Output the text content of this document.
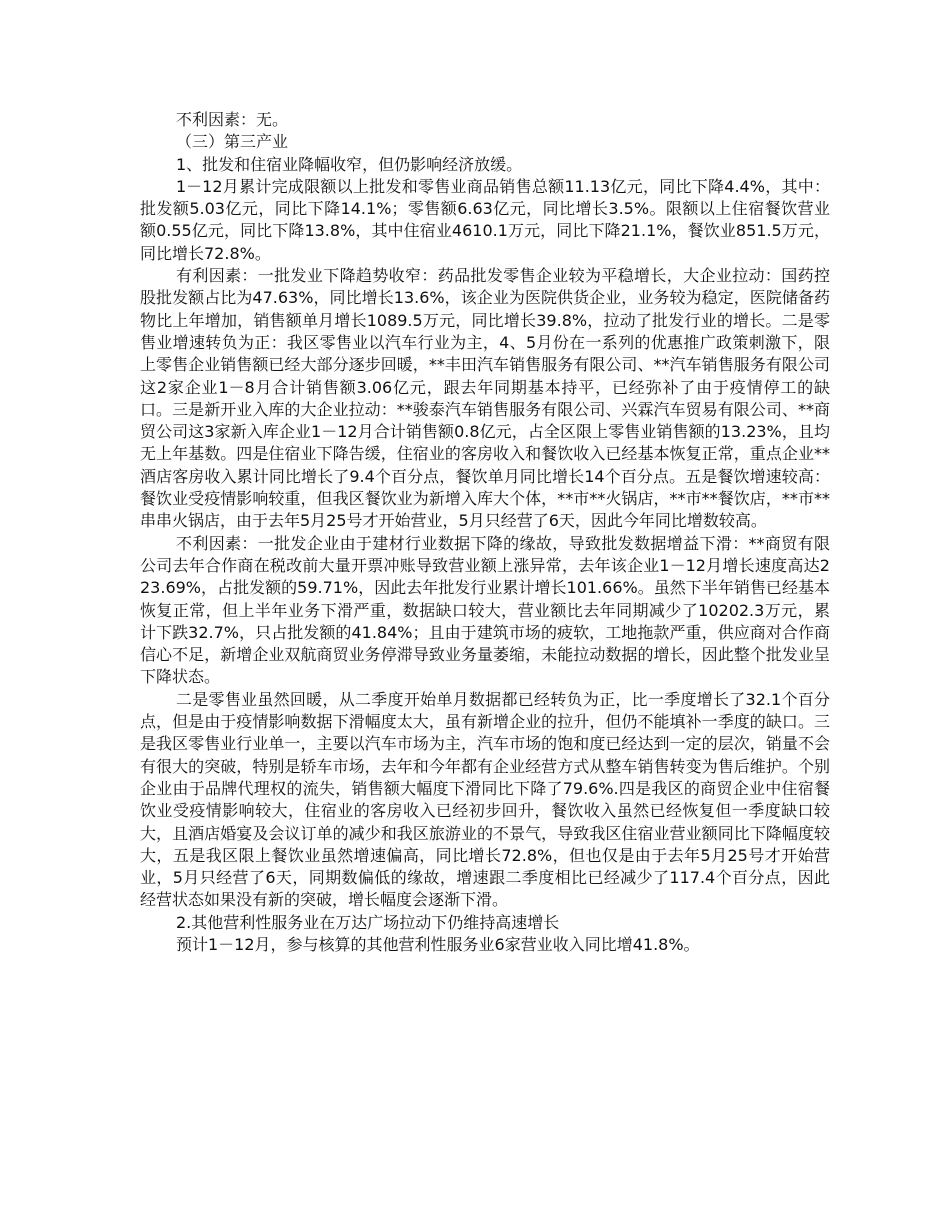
不利因素：无。

（三）第三产业

1、批发和住宿业降幅收窄，但仍影响经济放缓。

1－12月累计完成限额以上批发和零售业商品销售总额11.13亿元，同比下降4.4%，其中：批发额5.03亿元，同比下降14.1%；零售额6.63亿元，同比增长3.5%。限额以上住宿餐饮营业额0.55亿元，同比下降13.8%，其中住宿业4610.1万元，同比下降21.1%，餐饮业851.5万元，同比增长72.8%。

有利因素：一批发业下降趋势收窄：药品批发零售企业较为平稳增长，大企业拉动：国药控股批发额占比为47.63%，同比增长13.6%，该企业为医院供货企业，业务较为稳定，医院储备药物比上年增加，销售额单月增长1089.5万元，同比增长39.8%，拉动了批发行业的增长。二是零售业增速转负为正：我区零售业以汽车行业为主，4、5月份在一系列的优惠推广政策刺激下，限上零售企业销售额已经大部分逐步回暖，**丰田汽车销售服务有限公司、**汽车销售服务有限公司这2家企业1－8月合计销售额3.06亿元，跟去年同期基本持平，已经弥补了由于疫情停工的缺口。三是新开业入库的大企业拉动：**骏泰汽车销售服务有限公司、兴霖汽车贸易有限公司、**商贸公司这3家新入库企业1－12月合计销售额0.8亿元，占全区限上零售业销售额的13.23%，且均无上年基数。四是住宿业下降告缓，住宿业的客房收入和餐饮收入已经基本恢复正常，重点企业**酒店客房收入累计同比增长了9.4个百分点，餐饮单月同比增长14个百分点。五是餐饮增速较高：餐饮业受疫情影响较重，但我区餐饮业为新增入库大个体，**市**火锅店，**市**餐饮店，**市**串串火锅店，由于去年5月25号才开始营业，5月只经营了6天，因此今年同比增数较高。

不利因素：一批发企业由于建材行业数据下降的缘故，导致批发数据增益下滑：**商贸有限公司去年合作商在税改前大量开票冲账导致营业额上涨异常，去年该企业1－12月增长速度高达223.69%，占批发额的59.71%，因此去年批发行业累计增长101.66%。虽然下半年销售已经基本恢复正常，但上半年业务下滑严重，数据缺口较大，营业额比去年同期减少了10202.3万元，累计下跌32.7%，只占批发额的41.84%；且由于建筑市场的疲软，工地拖款严重，供应商对合作商信心不足，新增企业双航商贸业务停滞导致业务量萎缩，未能拉动数据的增长，因此整个批发业呈下降状态。

二是零售业虽然回暖，从二季度开始单月数据都已经转负为正，比一季度增长了32.1个百分点，但是由于疫情影响数据下滑幅度太大，虽有新增企业的拉升，但仍不能填补一季度的缺口。三是我区零售业行业单一，主要以汽车市场为主，汽车市场的饱和度已经达到一定的层次，销量不会有很大的突破，特别是轿车市场，去年和今年都有企业经营方式从整车销售转变为售后维护。个别企业由于品牌代理权的流失，销售额大幅度下滑同比下降了79.6%.四是我区的商贸企业中住宿餐饮业受疫情影响较大，住宿业的客房收入已经初步回升，餐饮收入虽然已经恢复但一季度缺口较大，且酒店婚宴及会议订单的减少和我区旅游业的不景气，导致我区住宿业营业额同比下降幅度较大，五是我区限上餐饮业虽然增速偏高，同比增长72.8%，但也仅是由于去年5月25号才开始营业，5月只经营了6天，同期数偏低的缘故，增速跟二季度相比已经减少了117.4个百分点，因此经营状态如果没有新的突破，增长幅度会逐渐下滑。

2.其他营利性服务业在万达广场拉动下仍维持高速增长

预计1－12月，参与核算的其他营利性服务业6家营业收入同比增41.8%。
